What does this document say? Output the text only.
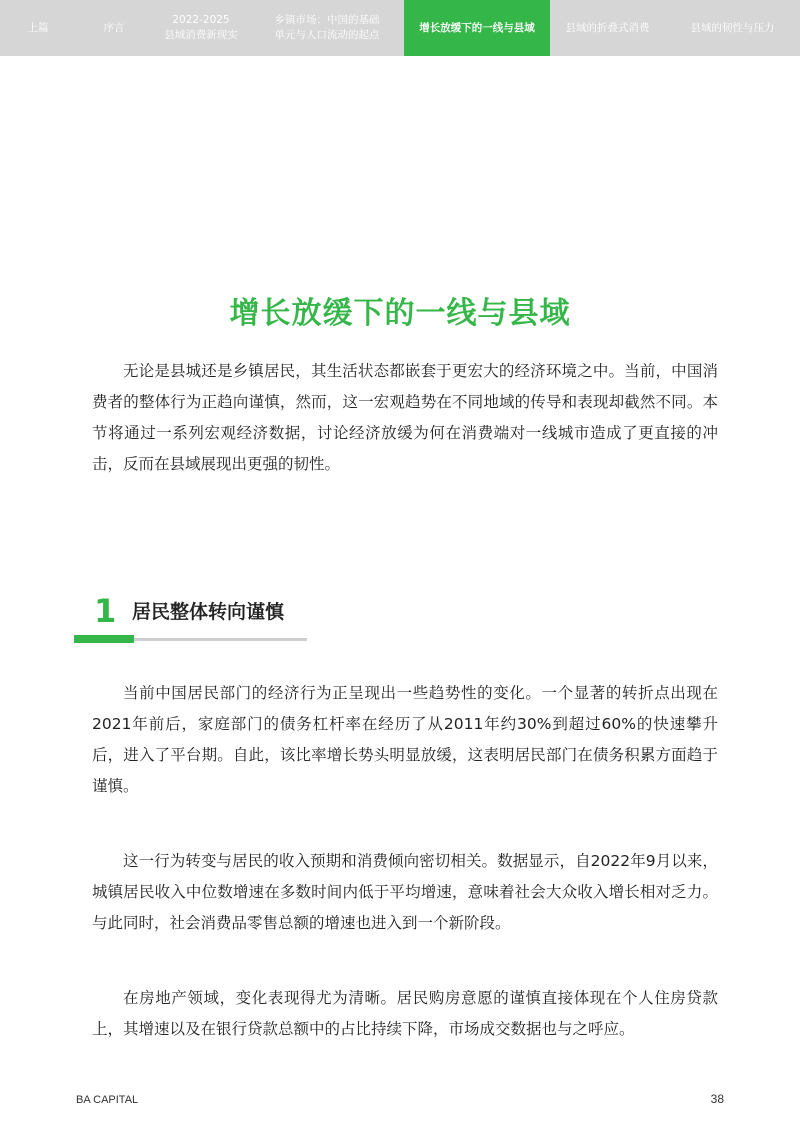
上篇	序言
2022-2025
县域消费新现实
乡镇市场：中国的基础
单元与人口流动的起点
增长放缓下的一线与县域	县域的折叠式消费	县域的韧性与压力
增长放缓下的一线与县域

无论是县城还是乡镇居民，其生活状态都嵌套于更宏大的经济环境之中。当前，中国消费者的整体行为正趋向谨慎，然而，这一宏观趋势在不同地域的传导和表现却截然不同。本节将通过一系列宏观经济数据，讨论经济放缓为何在消费端对一线城市造成了更直接的冲击，反而在县域展现出更强的韧性。

1 居民整体转向谨慎

当前中国居民部门的经济行为正呈现出一些趋势性的变化。一个显著的转折点出现在2021年前后，家庭部门的债务杠杆率在经历了从2011年约30%到超过60%的快速攀升后，进入了平台期。自此，该比率增长势头明显放缓，这表明居民部门在债务积累方面趋于谨慎。

这一行为转变与居民的收入预期和消费倾向密切相关。数据显示，自2022年9月以来，城镇居民收入中位数增速在多数时间内低于平均增速，意味着社会大众收入增长相对乏力。与此同时，社会消费品零售总额的增速也进入到一个新阶段。

在房地产领域，变化表现得尤为清晰。居民购房意愿的谨慎直接体现在个人住房贷款上，其增速以及在银行贷款总额中的占比持续下降，市场成交数据也与之呼应。

BA CAPITAL	38
